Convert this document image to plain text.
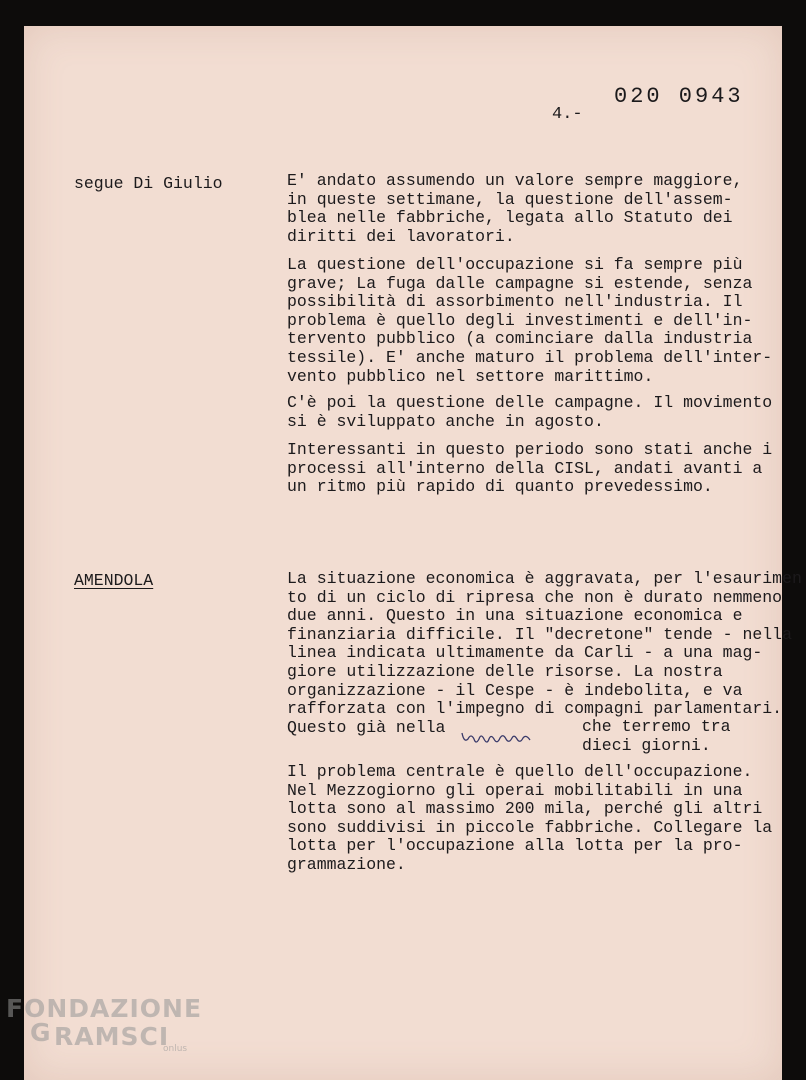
020 0943
4.-
segue Di Giulio	E' andato assumendo un valore sempre maggiore,
in queste settimane, la questione dell'assem-
blea nelle fabbriche, legata allo Statuto dei
diritti dei lavoratori.
La questione dell'occupazione si fa sempre più
grave; La fuga dalle campagne si estende, senza
possibilità di assorbimento nell'industria. Il
problema è quello degli investimenti e dell'in-
tervento pubblico (a cominciare dalla industria
tessile). E' anche maturo il problema dell'inter-
vento pubblico nel settore marittimo.
C'è poi la questione delle campagne. Il movimento
si è sviluppato anche in agosto.
Interessanti in questo periodo sono stati anche i
processi all'interno della CISL, andati avanti a
un ritmo più rapido di quanto prevedessimo.
AMENDOLA	La situazione economica è aggravata, per l'esaurimen
to di un ciclo di ripresa che non è durato nemmeno
due anni. Questo in una situazione economica e
finanziaria difficile. Il "decretone" tende - nella
linea indicata ultimamente da Carli - a una mag-
giore utilizzazione delle risorse. La nostra
organizzazione - il Cespe - è indebolita, e va
rafforzata con l'impegno di compagni parlamentari.
Questo già nella	che terremo tra
dieci giorni.
Il problema centrale è quello dell'occupazione.
Nel Mezzogiorno gli operai mobilitabili in una
lotta sono al massimo 200 mila, perché gli altri
sono suddivisi in piccole fabbriche. Collegare la
lotta per l'occupazione alla lotta per la pro-
grammazione.
FONDAZIONE
G RAMSCI
onlus
